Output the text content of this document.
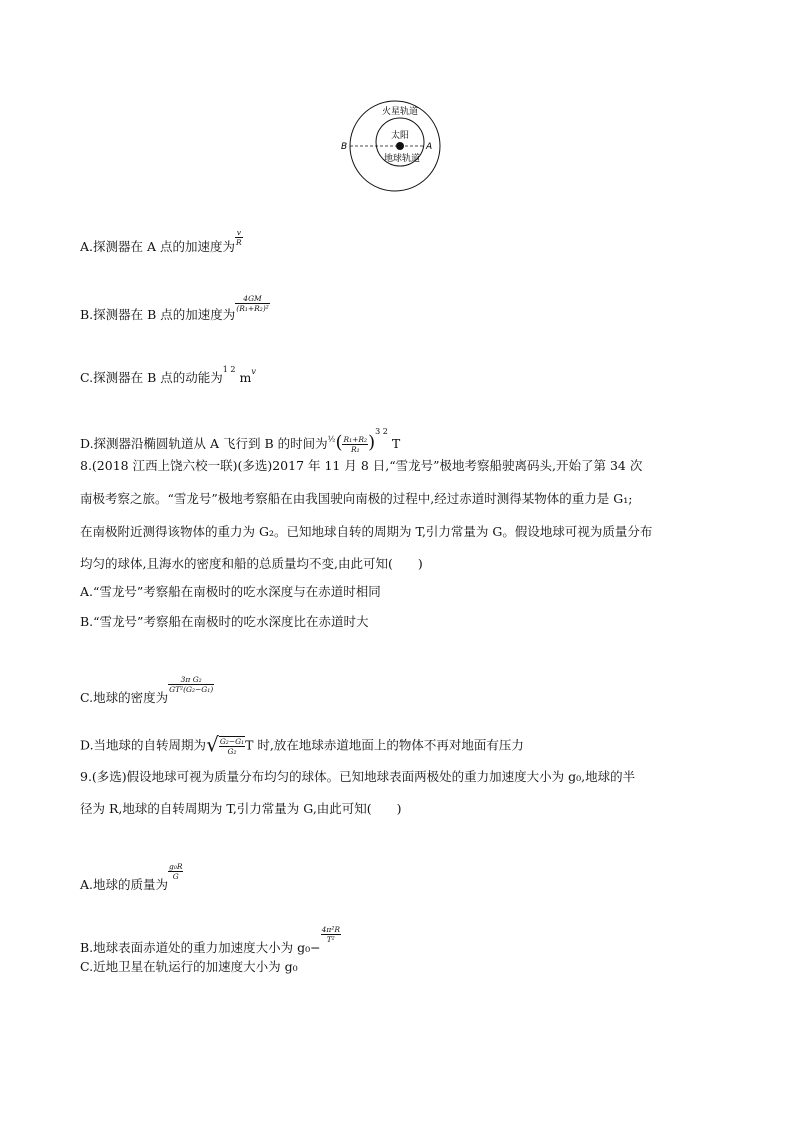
火星轨道
太阳
地球轨道
B	A
A.探测器在 A 点的加速度为 $\frac{v}{R}$
B.探测器在 B 点的加速度为
$\frac{4GM}{\text{(R₁+R₂)²}}$
C.探测器在 B 点的动能为$^{1 2}$ $m^v$
D.探测器沿椭圆轨道从 A 飞行到 B 的时间为$^{\frac{1}{2}}( \frac{\text{R₁+R₂}}{\text{R₁}} )^{3 2}$ T
8.(2018 江西上饶六校一联)(多选)2017 年 11 月 8 日,“雪龙号”极地考察船驶离码头,开始了第 34 次
南极考察之旅。“雪龙号”极地考察船在由我国驶向南极的过程中,经过赤道时测得某物体的重力是 G₁;
在南极附近测得该物体的重力为 G₂。已知地球自转的周期为 T,引力常量为 G。假设地球可视为质量分布
均匀的球体,且海水的密度和船的总质量均不变,由此可知(　　)
A.“雪龙号”考察船在南极时的吃水深度与在赤道时相同
B.“雪龙号”考察船在南极时的吃水深度比在赤道时大
C.地球的密度为
$\frac{\text{3π G₂}}{\text{GT²(G₂−G₁)}}$
D.当地球的自转周期为√ $\frac{\text{G₂−G₁}}{\text{G₂}}$ T 时,放在地球赤道地面上的物体不再对地面有压力
9.(多选)假设地球可视为质量分布均匀的球体。已知地球表面两极处的重力加速度大小为 g₀,地球的半
径为 R,地球的自转周期为 T,引力常量为 G,由此可知(　　)
A.地球的质量为
$\frac{\text{g₀R}}{G}$
B.地球表面赤道处的重力加速度大小为 g₀−
$\frac{\text{4π²R}}{\text{T²}}$
C.近地卫星在轨运行的加速度大小为 g₀
